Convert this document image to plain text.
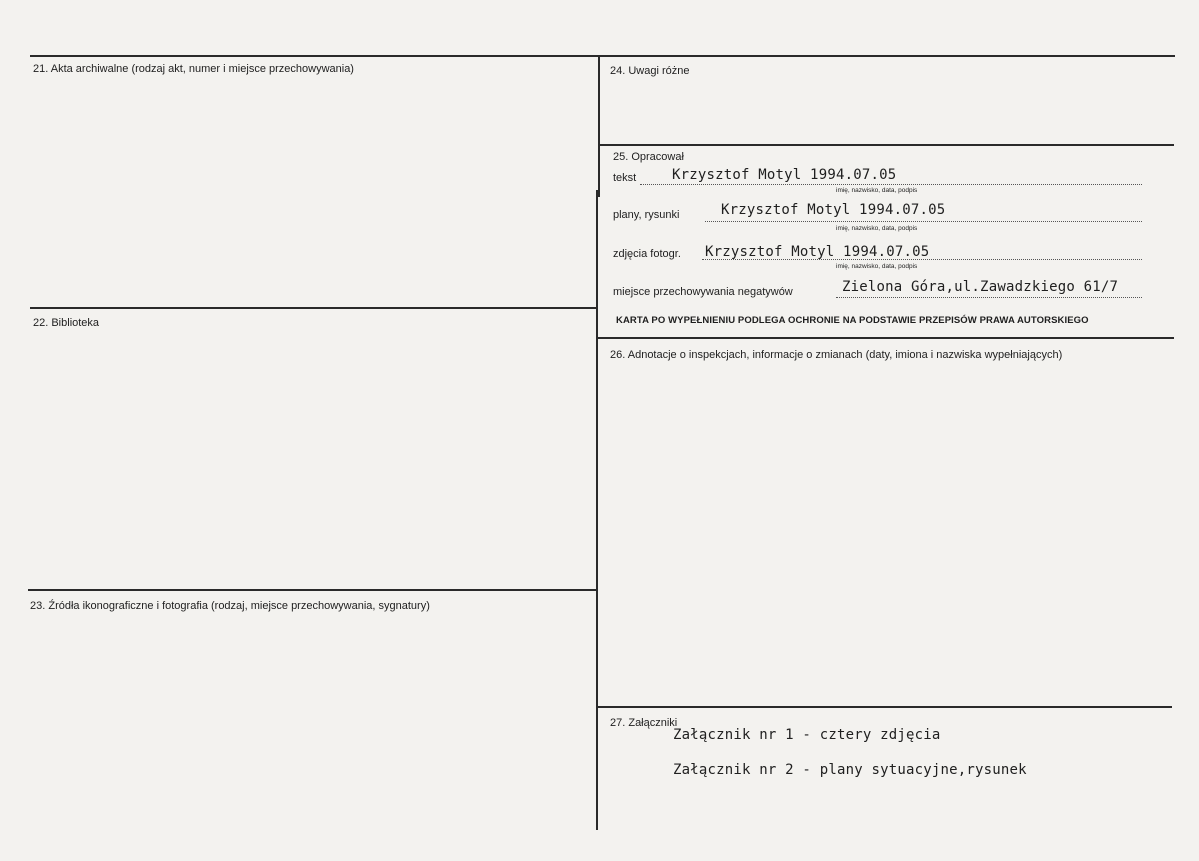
21. Akta archiwalne (rodzaj akt, numer i miejsce przechowywania)
22. Biblioteka
23. Źródła ikonograficzne i fotografia (rodzaj, miejsce przechowywania, sygnatury)
24. Uwagi różne
25. Opracował
tekst	Krzysztof Motyl 1994.07.05
imię, nazwisko, data, podpis
plany, rysunki	Krzysztof Motyl 1994.07.05
imię, nazwisko, data, podpis
zdjęcia fotogr. Krzysztof Motyl 1994.07.05
imię, nazwisko, data, podpis
miejsce przechowywania negatywów	Zielona Góra,ul.Zawadzkiego 61/7
KARTA PO WYPEŁNIENIU PODLEGA OCHRONIE NA PODSTAWIE PRZEPISÓW PRAWA AUTORSKIEGO
26. Adnotacje o inspekcjach, informacje o zmianach (daty, imiona i nazwiska wypełniających)
27. Załączniki
Załącznik nr 1 - cztery zdjęcia
Załącznik nr 2 - plany sytuacyjne,rysunek
